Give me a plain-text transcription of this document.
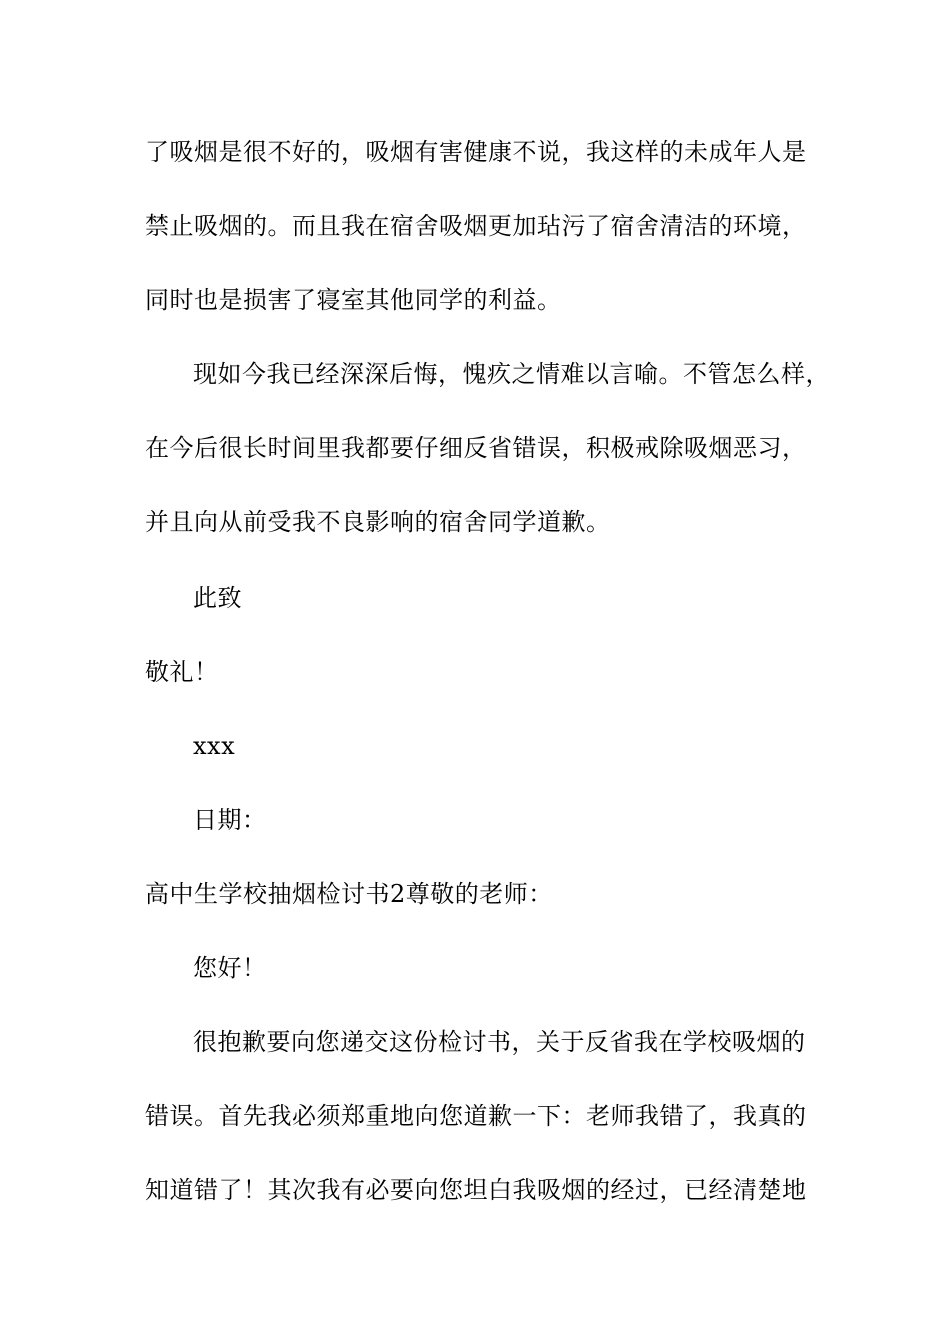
了吸烟是很不好的，吸烟有害健康不说，我这样的未成年人是
禁止吸烟的。而且我在宿舍吸烟更加玷污了宿舍清洁的环境，
同时也是损害了寝室其他同学的利益。
现如今我已经深深后悔，愧疚之情难以言喻。不管怎么样，
在今后很长时间里我都要仔细反省错误，积极戒除吸烟恶习，
并且向从前受我不良影响的宿舍同学道歉。
此致
敬礼！
xxx
日期：
高中生学校抽烟检讨书2尊敬的老师：
您好！
很抱歉要向您递交这份检讨书，关于反省我在学校吸烟的
错误。首先我必须郑重地向您道歉一下：老师我错了，我真的
知道错了！其次我有必要向您坦白我吸烟的经过，已经清楚地
